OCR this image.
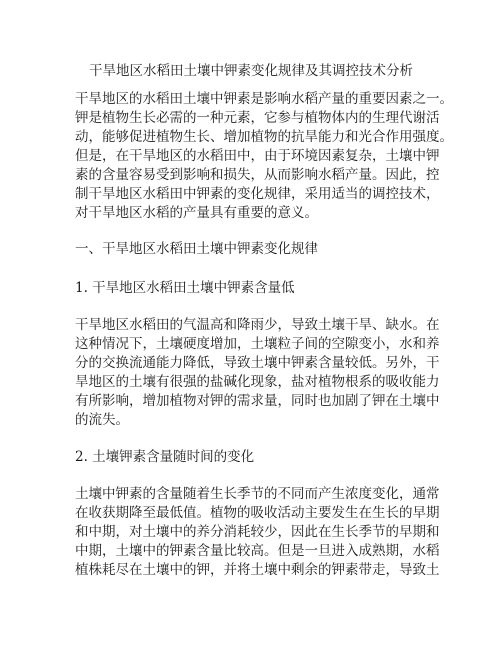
干旱地区水稻田土壤中钾素变化规律及其调控技术分析
干旱地区的水稻田土壤中钾素是影响水稻产量的重要因素之一。
钾是植物生长必需的一种元素，它参与植物体内的生理代谢活
动，能够促进植物生长、增加植物的抗旱能力和光合作用强度。
但是，在干旱地区的水稻田中，由于环境因素复杂，土壤中钾
素的含量容易受到影响和损失，从而影响水稻产量。因此，控
制干旱地区水稻田中钾素的变化规律，采用适当的调控技术，
对干旱地区水稻的产量具有重要的意义。
一、干旱地区水稻田土壤中钾素变化规律
1. 干旱地区水稻田土壤中钾素含量低
干旱地区水稻田的气温高和降雨少，导致土壤干旱、缺水。在
这种情况下，土壤硬度增加，土壤粒子间的空隙变小，水和养
分的交换流通能力降低，导致土壤中钾素含量较低。另外，干
旱地区的土壤有很强的盐碱化现象，盐对植物根系的吸收能力
有所影响，增加植物对钾的需求量，同时也加剧了钾在土壤中
的流失。
2. 土壤钾素含量随时间的变化
土壤中钾素的含量随着生长季节的不同而产生浓度变化，通常
在收获期降至最低值。植物的吸收活动主要发生在生长的早期
和中期，对土壤中的养分消耗较少，因此在生长季节的早期和
中期，土壤中的钾素含量比较高。但是一旦进入成熟期，水稻
植株耗尽在土壤中的钾，并将土壤中剩余的钾素带走，导致土
